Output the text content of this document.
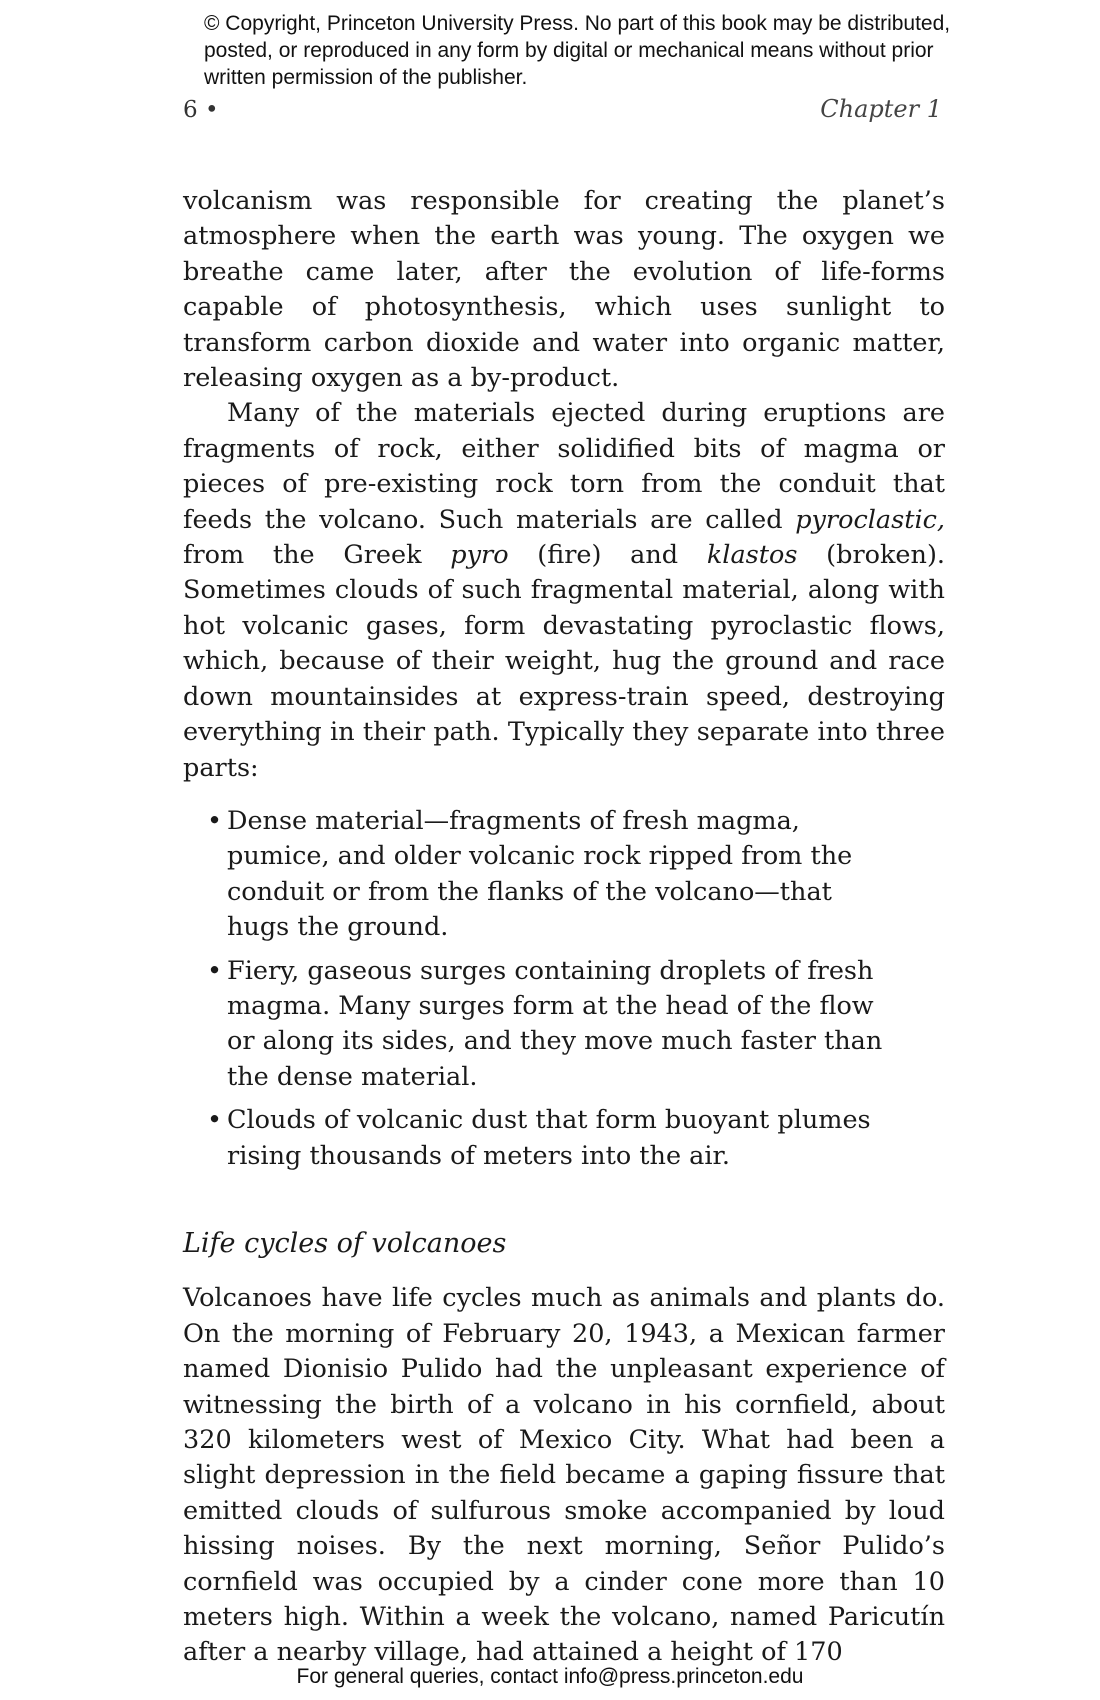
© Copyright, Princeton University Press. No part of this book may be distributed, posted, or reproduced in any form by digital or mechanical means without prior written permission of the publisher.
6 •	Chapter 1

volcanism was responsible for creating the planet’s atmosphere when the earth was young. The oxygen we breathe came later, after the evolution of life-forms capable of photosynthesis, which uses sunlight to transform carbon dioxide and water into organic matter, releasing oxygen as a by-product.

Many of the materials ejected during eruptions are fragments of rock, either solidified bits of magma or pieces of pre-existing rock torn from the conduit that feeds the volcano. Such materials are called pyroclastic, from the Greek pyro (fire) and klastos (broken). Sometimes clouds of such fragmental material, along with hot volcanic gases, form devastating pyroclastic flows, which, because of their weight, hug the ground and race down mountainsides at express-train speed, destroying everything in their path. Typically they separate into three parts:

• Dense material—fragments of fresh magma, pumice, and older volcanic rock ripped from the conduit or from the flanks of the volcano—that hugs the ground.
• Fiery, gaseous surges containing droplets of fresh magma. Many surges form at the head of the flow or along its sides, and they move much faster than the dense material.
• Clouds of volcanic dust that form buoyant plumes rising thousands of meters into the air.
Life cycles of volcanoes

Volcanoes have life cycles much as animals and plants do. On the morning of February 20, 1943, a Mexican farmer named Dionisio Pulido had the unpleasant experience of witnessing the birth of a volcano in his cornfield, about 320 kilometers west of Mexico City. What had been a slight depression in the field became a gaping fissure that emitted clouds of sulfurous smoke accompanied by loud hissing noises. By the next morning, Señor Pulido’s cornfield was occupied by a cinder cone more than 10 meters high. Within a week the volcano, named Paricutín after a nearby village, had attained a height of 170

For general queries, contact info@press.princeton.edu
